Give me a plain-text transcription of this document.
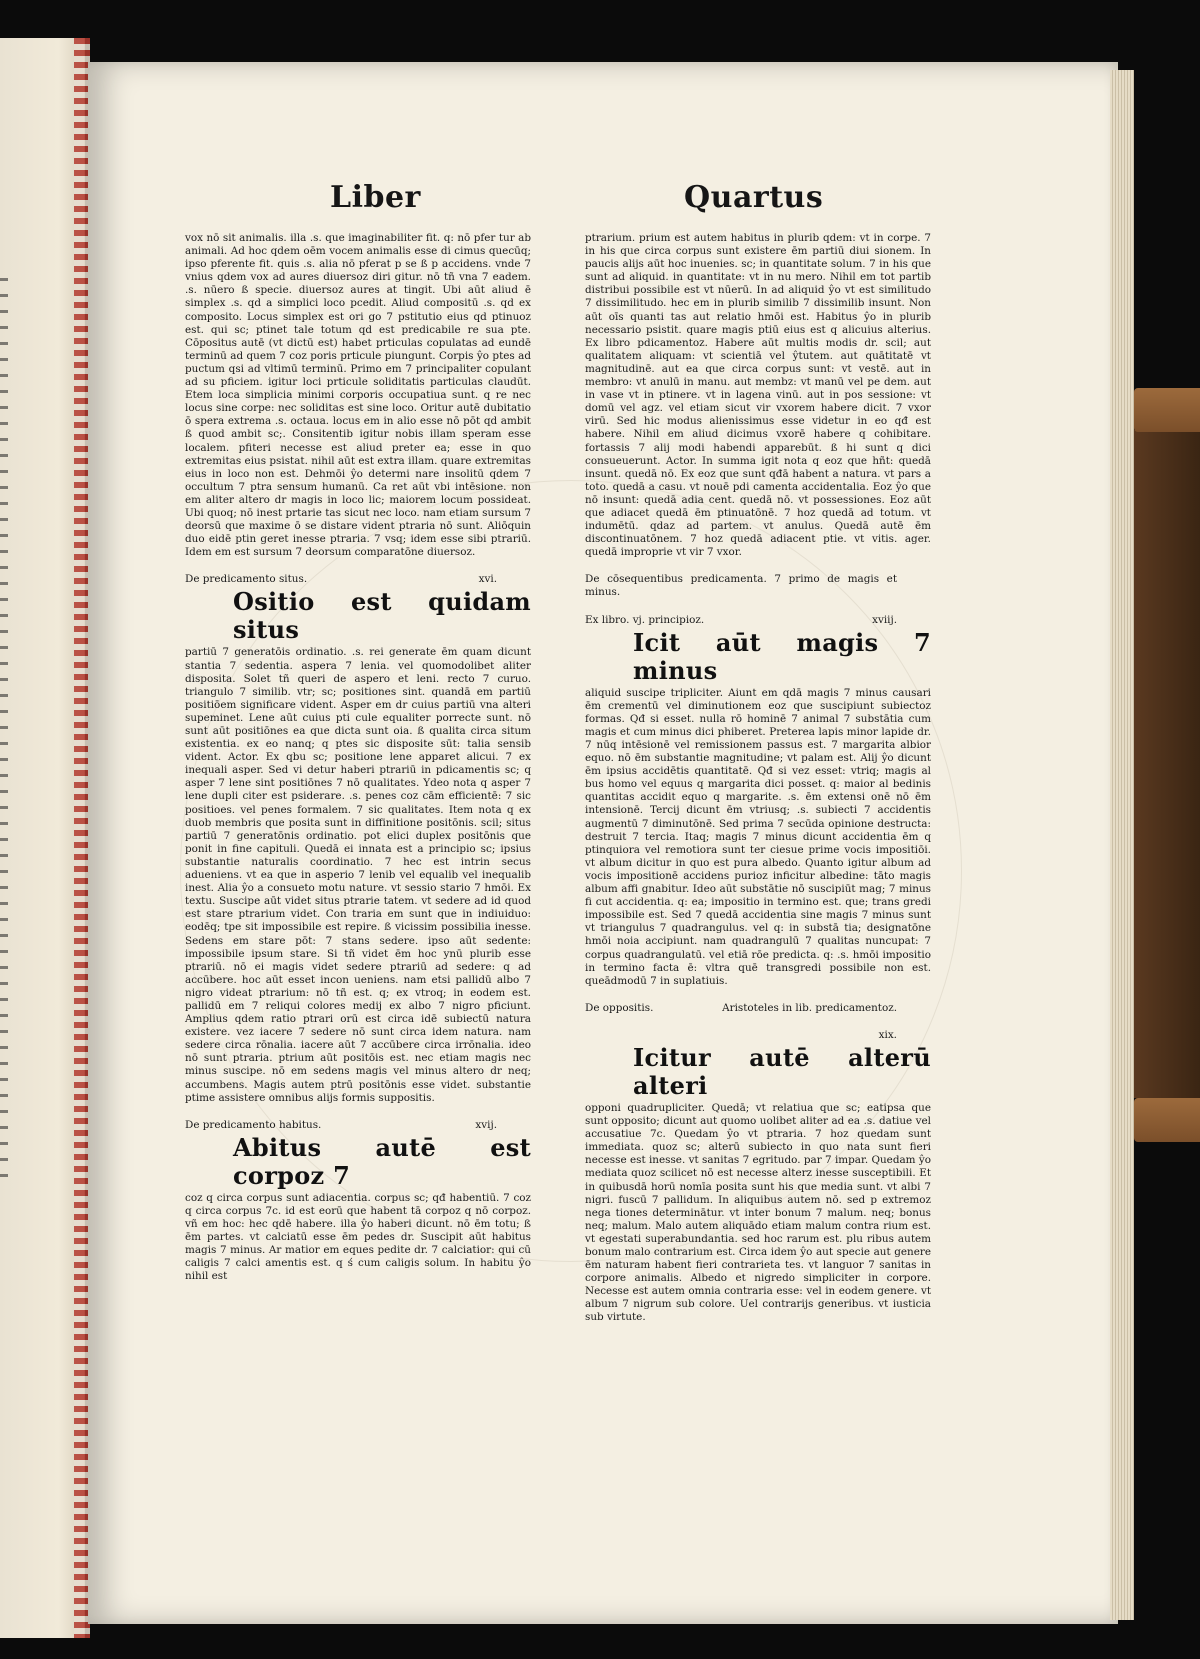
Liber	Quartus

vox nō sit animalis. illa .s. que imaginabiliter fit. q: nō pfer tur ab animali. Ad hoc qdem oēm vocem animalis esse di cimus quecūq; ipso pferente fit. quis .s. alia nō pferat p se ß p accidens. vnde 7 vnius qdem vox ad aures diuersoz diri gitur. nō tñ vna 7 eadem. .s. nūero ß specie. diuersoz aures at tingit. Ubi aūt aliud ē simplex .s. qd a simplici loco pcedit. Aliud compositū .s. qd ex composito. Locus simplex est ori go 7 pstitutio eius qd ptinuoz est. qui sc; ptinet tale totum qd est predicabile re sua pte. Cōpositus autē (vt dictū est) habet prticulas copulatas ad eundē terminū ad quem 7 coz poris prticule piungunt. Corpis ŷo ptes ad puctum qsi ad vltimū terminū. Primo em 7 principaliter copulant ad su pficiem. igitur loci prticule soliditatis particulas claudūt. Etem loca simplicia minimi corporis occupatiua sunt. q re nec locus sine corpe: nec soliditas est sine loco. Oritur autē dubitatio ō spera extrema .s. octaua. locus em in alio esse nō pōt qd ambit ß quod ambit sc;. Consitentib igitur nobis illam speram esse localem. pfiteri necesse est aliud preter ea; esse in quo extremitas eius psistat. nihil aūt est extra illam. quare extremitas eius in loco non est. Dehmōi ŷo determi nare insolitū qdem 7 occultum 7 ptra sensum humanū. Ca ret aūt vbi intēsione. non em aliter altero dr magis in loco lic; maiorem locum possideat. Ubi quoq; nō inest prtarie tas sicut nec loco. nam etiam sursum 7 deorsū que maxime ō se distare vident ptraria nō sunt. Aliōquin duo eidē ptin geret inesse ptraria. 7 vsq; idem esse sibi ptrariū. Idem em est sursum 7 deorsum comparatōne diuersoz.

De predicamento situs.	xvi.
Ositio est quidam situs

partiū 7 generatōis ordinatio. .s. rei generate ēm quam dicunt stantia 7 sedentia. aspera 7 lenia. vel quomodolibet aliter disposita. Solet tñ queri de aspero et leni. recto 7 curuo. triangulo 7 similib. vtr; sc; positiones sint. quandā em partiū positiōem significare vident. Asper em dr cuius partiū vna alteri supeminet. Lene aūt cuius pti cule equaliter porrecte sunt. nō sunt aūt positiōnes ea que dicta sunt oia. ß qualita circa situm existentia. ex eo nanq; q ptes sic disposite sūt: talia sensib vident. Actor. Ex qbu sc; positione lene apparet alicui. 7 ex inequali asper. Sed vi detur haberi ptrariū in pdicamentis sc; q asper 7 lene sint positiōnes 7 nō qualitates. Ydeo nota q asper 7 lene dupli citer est psiderare. .s. penes coz cām efficientē: 7 sic positioes. vel penes formalem. 7 sic qualitates. Item nota q ex duob membris que posita sunt in diffinitione positōnis. scil; situs partiū 7 generatōnis ordinatio. pot elici duplex positōnis que ponit in fine capituli. Quedā ei innata est a principio sc; ipsius substantie naturalis coordinatio. 7 hec est intrin secus adueniens. vt ea que in asperio 7 lenib vel equalib vel inequalib inest. Alia ŷo a consueto motu nature. vt sessio stario 7 hmōi. Ex textu. Suscipe aūt videt situs ptrarie tatem. vt sedere ad id quod est stare ptrarium videt. Con traria em sunt que in indiuiduo: eodēq; tpe sit impossibile est repire. ß vicissim possibilia inesse. Sedens em stare pōt: 7 stans sedere. ipso aūt sedente: impossibile ipsum stare. Si tñ videt ēm hoc ynū plurib esse ptrariū. nō ei magis videt sedere ptrariū ad sedere: q ad accūbere. hoc aūt esset incon ueniens. nam etsi pallidū albo 7 nigro videat ptrarium: nō tñ est. q; ex vtroq; in eodem est. pallidū em 7 reliqui colores medij ex albo 7 nigro pficiunt. Amplius qdem ratio ptrari orū est circa idē subiectū natura existere. vez iacere 7 sedere nō sunt circa idem natura. nam sedere circa rōnalia. iacere aūt 7 accūbere circa irrōnalia. ideo nō sunt ptraria. ptrium aūt positōis est. nec etiam magis nec minus suscipe. nō em sedens magis vel minus altero dr neq; accumbens. Magis autem ptrū positōnis esse videt. substantie ptime assistere omnibus alijs formis suppositis.

De predicamento habitus.	xvij.
Abitus autē est corpoz 7

coz q circa corpus sunt adiacentia. corpus sc; qđ habentiū. 7 coz q circa corpus 7c. id est eorū que habent tā corpoz q nō corpoz. vñ em hoc: hec qdē habere. illa ŷo haberi dicunt. nō ēm totu; ß ēm partes. vt calciatū esse ēm pedes dr. Suscipit aūt habitus magis 7 minus. Ar matior em eques pedite dr. 7 calciatior: qui cū caligis 7 calci amentis est. q ś cum caligis solum. In habitu ŷo nihil est

ptrarium. prium est autem habitus in plurib qdem: vt in corpe. 7 in his que circa corpus sunt existere ēm partiū diui sionem. In paucis alijs aūt hoc inuenies. sc; in quantitate solum. 7 in his que sunt ad aliquid. in quantitate: vt in nu mero. Nihil em tot partib distribui possibile est vt nūerū. In ad aliquid ŷo vt est similitudo 7 dissimilitudo. hec em in plurib similib 7 dissimilib insunt. Non aūt oīs quanti tas aut relatio hmōi est. Habitus ŷo in plurib necessario psistit. quare magis ptiū eius est q alicuius alterius. Ex libro pdicamentoz. Habere aūt multis modis dr. scil; aut qualitatem aliquam: vt scientiā vel ŷtutem. aut quātitatē vt magnitudinē. aut ea que circa corpus sunt: vt vestē. aut in membro: vt anulū in manu. aut membz: vt manū vel pe dem. aut in vase vt in ptinere. vt in lagena vinū. aut in pos sessione: vt domū vel agz. vel etiam sicut vir vxorem habere dicit. 7 vxor virū. Sed hic modus alienissimus esse videtur in eo qđ est habere. Nihil em aliud dicimus vxorē habere q cohibitare. fortassis 7 alij modi habendi apparebūt. ß hi sunt q dici consueuerunt. Actor. In summa igit nota q eoz que hñt: quedā insunt. quedā nō. Ex eoz que sunt qđā habent a natura. vt pars a toto. quedā a casu. vt nouē pdi camenta accidentalia. Eoz ŷo que nō insunt: quedā adia cent. quedā nō. vt possessiones. Eoz aūt que adiacet quedā ēm ptinuatōnē. 7 hoz quedā ad totum. vt indumētū. qdaz ad partem. vt anulus. Quedā autē ēm discontinuatōnem. 7 hoz quedā adiacent ptie. vt vitis. ager. quedā improprie vt vir 7 vxor.

De cōsequentibus predicamenta. 7 primo de magis et minus.
Ex libro. vj. principioz.	xviij.
Icit aūt magis 7 minus

aliquid suscipe tripliciter. Aiunt em qdā magis 7 minus causari ēm crementū vel diminutionem eoz que suscipiunt subiectoz formas. Qđ si esset. nulla rō hominē 7 animal 7 substātia cum magis et cum minus dici phiberet. Preterea lapis minor lapide dr. 7 nūq intēsionē vel remissionem passus est. 7 margarita albior equo. nō ēm substantie magnitudine; vt palam est. Alij ŷo dicunt ēm ipsius accidētis quantitatē. Qđ si vez esset: vtriq; magis al bus homo vel equus q margarita dici posset. q: maior al bedinis quantitas accidit equo q margarite. .s. ēm extensi onē nō ēm intensionē. Tercij dicunt ēm vtriusq; .s. subiecti 7 accidentis augmentū 7 diminutōnē. Sed prima 7 secūda opinione destructa: destruit 7 tercia. Itaq; magis 7 minus dicunt accidentia ēm q ptinquiora vel remotiora sunt ter ciesue prime vocis impositiōi. vt album dicitur in quo est pura albedo. Quanto igitur album ad vocis impositionē accidens purioz inficitur albedine: tāto magis album affi gnabitur. Ideo aūt substātie nō suscipiūt mag; 7 minus fi cut accidentia. q: ea; impositio in termino est. que; trans gredi impossibile est. Sed 7 quedā accidentia sine magis 7 minus sunt vt triangulus 7 quadrangulus. vel q: in substā tia; designatōne hmōi noia accipiunt. nam quadrangulū 7 qualitas nuncupat: 7 corpus quadrangulatū. vel etiā rōe predicta. q: .s. hmōi impositio in termino facta ē: vltra quē transgredi possibile non est. queādmodū 7 in suplatiuis.

De oppositis.	Aristoteles in lib. predicamentoz.
xix.
Icitur autē alterū alteri

opponi quadrupliciter. Quedā; vt relatiua que sc; eatipsa que sunt opposito; dicunt aut quomo uolibet aliter ad ea .s. datiue vel accusatiue 7c. Quedam ŷo vt ptraria. 7 hoz quedam sunt immediata. quoz sc; alterū subiecto in quo nata sunt fieri necesse est inesse. vt sanitas 7 egritudo. par 7 impar. Quedam ŷo mediata quoz scilicet nō est necesse alterz inesse susceptibili. Et in quibusdā horū nomīa posita sunt his que media sunt. vt albi 7 nigri. fuscū 7 pallidum. In aliquibus autem nō. sed p extremoz nega tiones determinātur. vt inter bonum 7 malum. neq; bonus neq; malum. Malo autem aliquādo etiam malum contra rium est. vt egestati superabundantia. sed hoc rarum est. plu ribus autem bonum malo contrarium est. Circa idem ŷo aut specie aut genere ēm naturam habent fieri contrarieta tes. vt languor 7 sanitas in corpore animalis. Albedo et nigredo simpliciter in corpore. Necesse est autem omnia contraria esse: vel in eodem genere. vt album 7 nigrum sub colore. Uel contrarijs generibus. vt iusticia sub virtute.
